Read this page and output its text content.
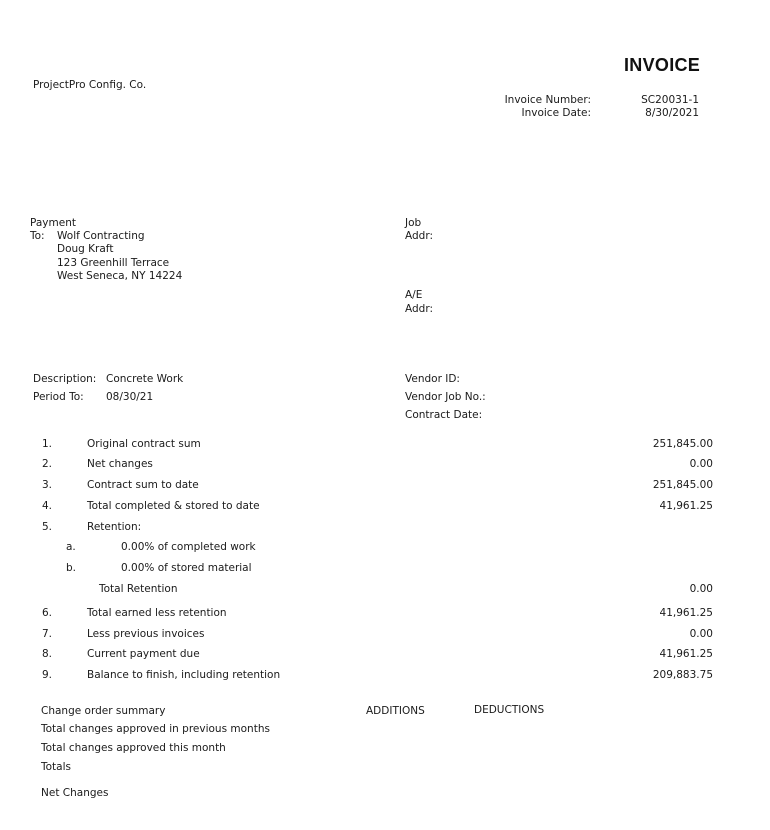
INVOICE
ProjectPro Config. Co.
Invoice Number:	SC20031-1
Invoice Date:	8/30/2021
Payment
To: Wolf Contracting
Doug Kraft
123 Greenhill Terrace
West Seneca, NY 14224
Job
Addr:
A/E
Addr:
Description: Concrete Work
Period To: 08/30/21
Vendor ID:
Vendor Job No.:
Contract Date:
1.	Original contract sum	251,845.00
2.	Net changes	0.00
3.	Contract sum to date	251,845.00
4.	Total completed & stored to date	41,961.25
5.	Retention:
a.	0.00% of completed work
b.	0.00% of stored material
Total Retention	0.00
6.	Total earned less retention	41,961.25
7.	Less previous invoices	0.00
8.	Current payment due	41,961.25
9.	Balance to finish, including retention	209,883.75
Change order summary	ADDITIONS	DEDUCTIONS
Total changes approved in previous months
Total changes approved this month
Totals
Net Changes
